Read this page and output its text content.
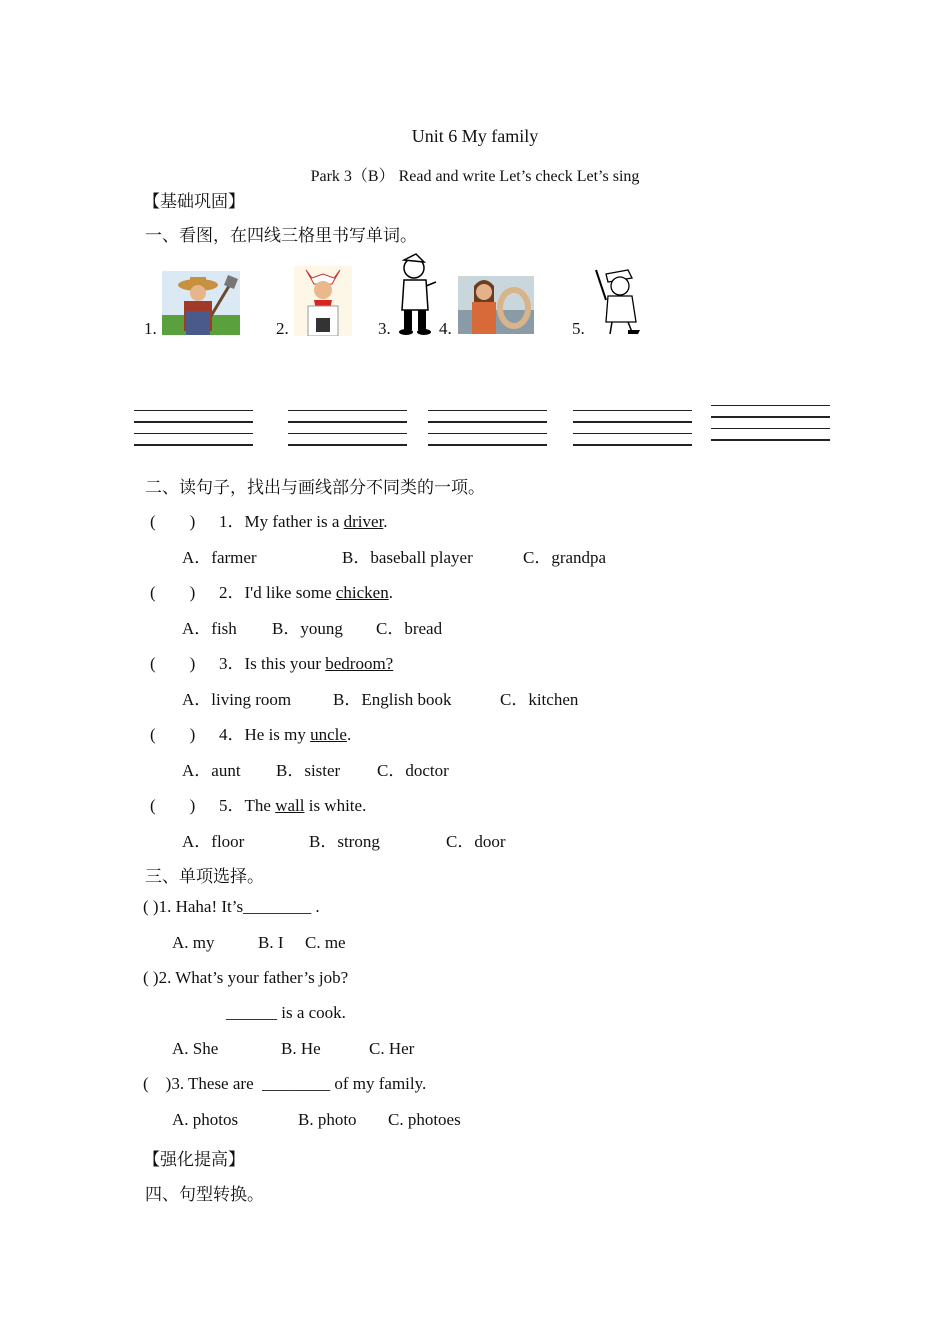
Unit 6 My family
Park 3（B） Read and write Let’s check Let’s sing
【基础巩固】
一、看图，在四线三格里书写单词。
1.	2.	3.	4.	5.
二、读句子，找出与画线部分不同类的一项。
(　　) 1．My father is a driver.
A．farmer	B．baseball player	C．grandpa
(　　) 2．I'd like some chicken.
A．fish B．young C．bread
(　　) 3．Is this your bedroom?
A．living room B．English book	C．kitchen
(　　) 4．He is my uncle.
A．aunt B．sister C．doctor
(　　) 5．The wall is white.
A．floor	B．strong	C．door
三、单项选择。
( )1. Haha! It’s________ .
A. my	B. I C. me
( )2. What’s your father’s job?
______ is a cook.
A. She	B. He	C. Her
(    )3. These are  ________ of my family.
A. photos	B. photo C. photoes
【强化提高】
四、句型转换。
